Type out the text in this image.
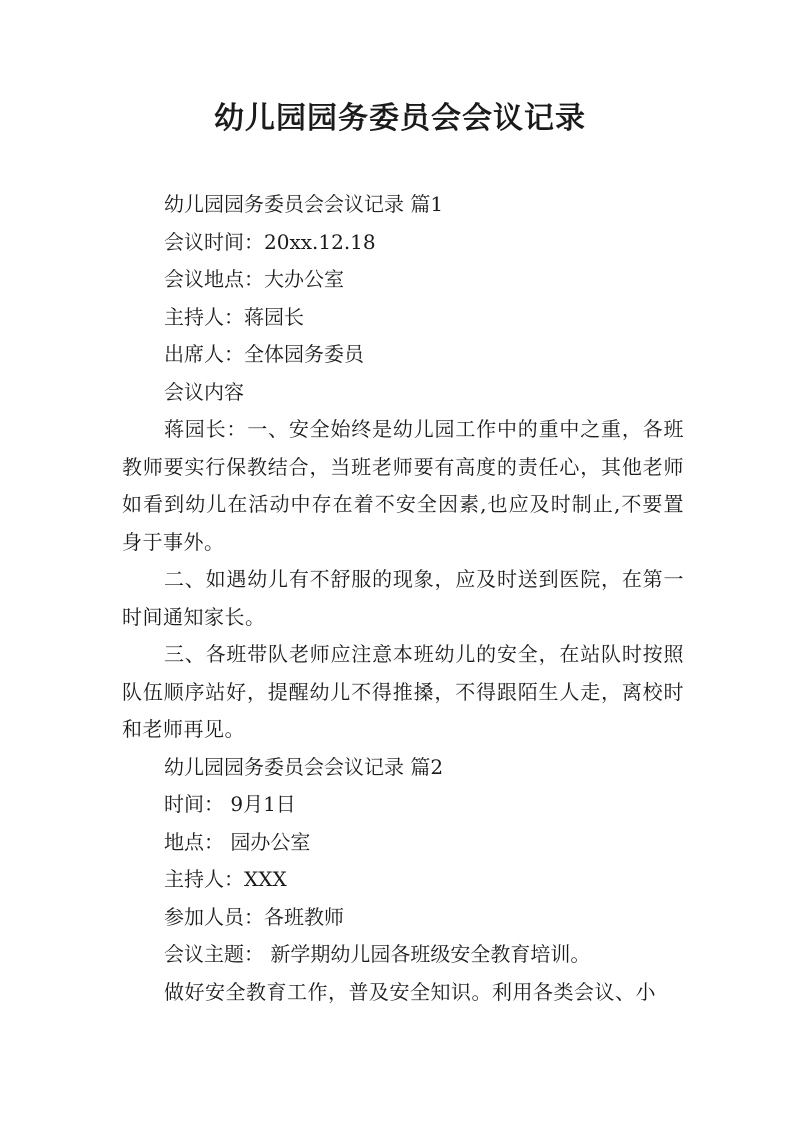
幼儿园园务委员会会议记录
幼儿园园务委员会会议记录 篇1
会议时间：20xx.12.18
会议地点：大办公室
主持人：蒋园长
出席人：全体园务委员
会议内容
蒋园长：一、安全始终是幼儿园工作中的重中之重，各班教师要实行保教结合，当班老师要有高度的责任心，其他老师如看到幼儿在活动中存在着不安全因素,也应及时制止,不要置身于事外。
二、如遇幼儿有不舒服的现象，应及时送到医院，在第一时间通知家长。
三、各班带队老师应注意本班幼儿的安全，在站队时按照队伍顺序站好，提醒幼儿不得推搡，不得跟陌生人走，离校时和老师再见。
幼儿园园务委员会会议记录 篇2
时间： 9月1日
地点： 园办公室
主持人：XXX
参加人员：各班教师
会议主题： 新学期幼儿园各班级安全教育培训。
做好安全教育工作，普及安全知识。利用各类会议、小
